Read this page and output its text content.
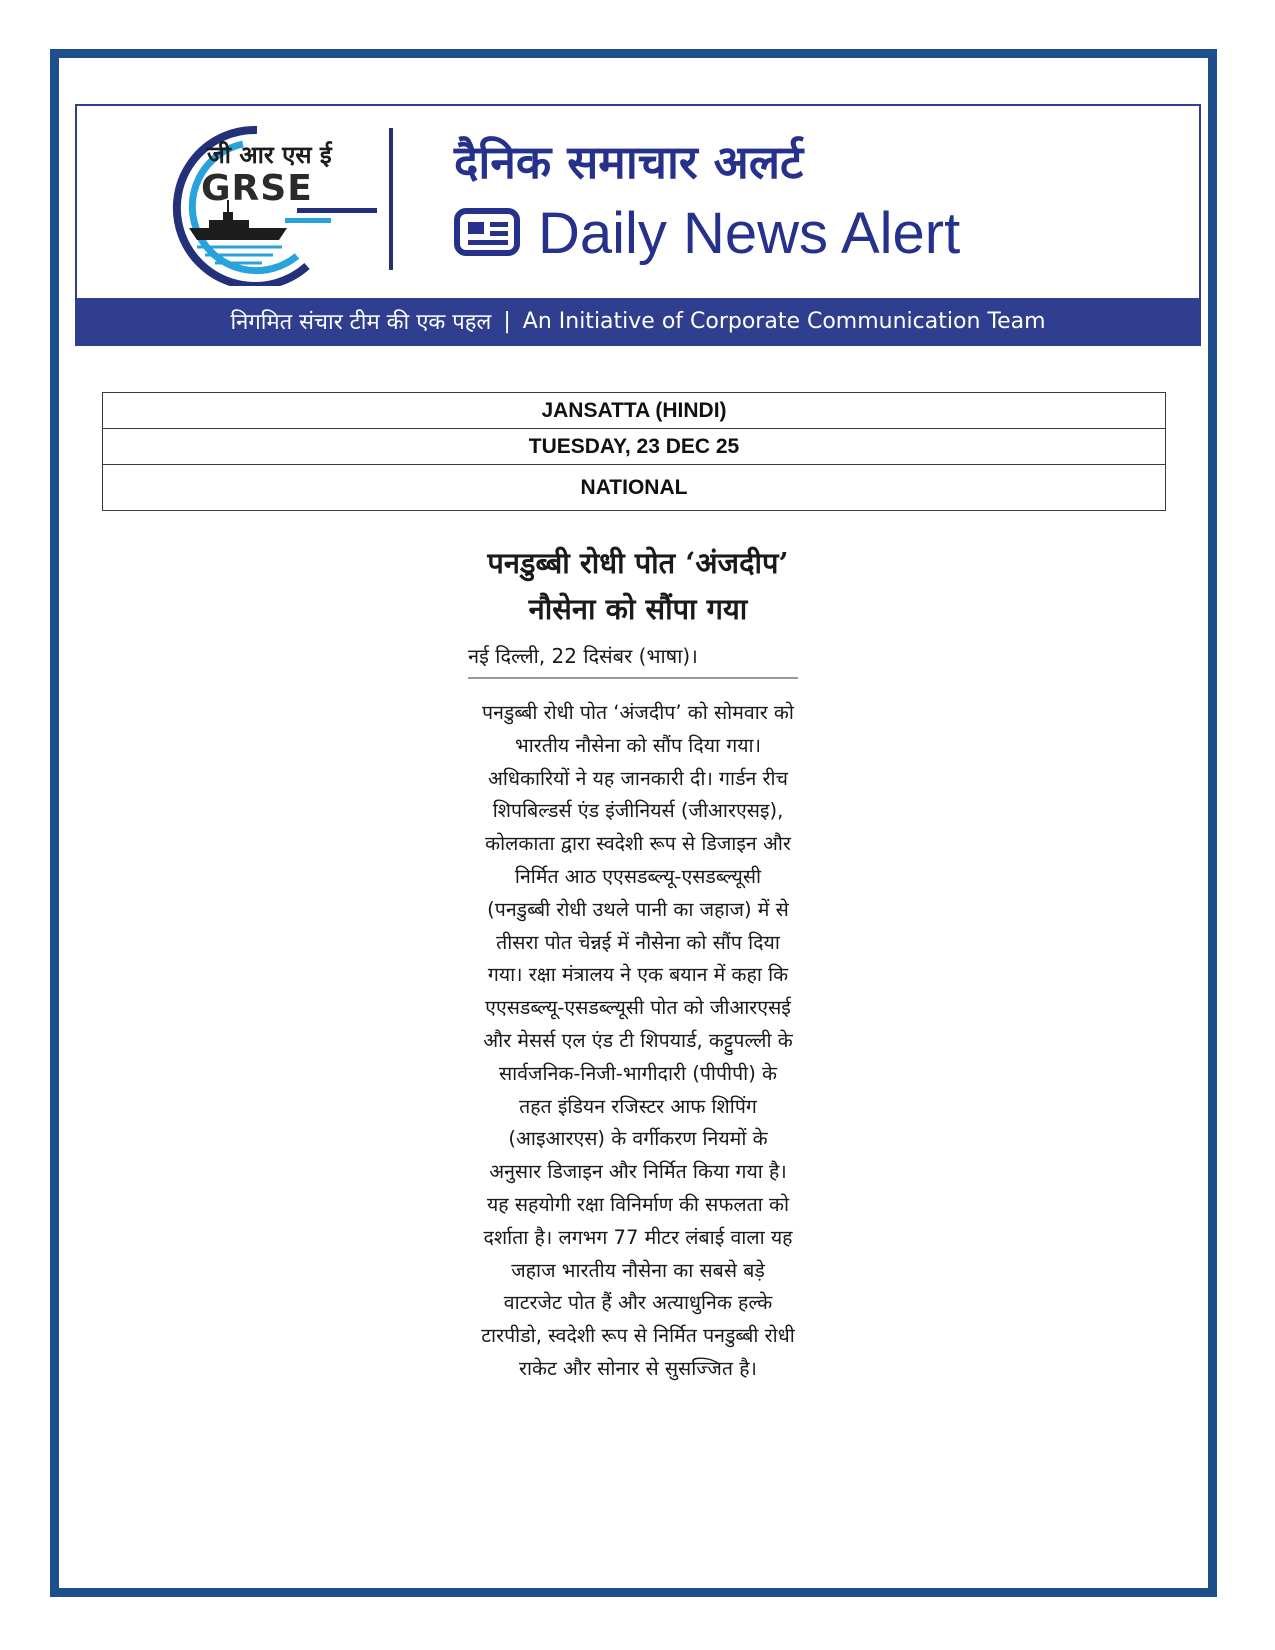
जी आर एस ई
GRSE	दैनिक समाचार अलर्ट
Daily News Alert
निगमित संचार टीम की एक पहल | An Initiative of Corporate Communication Team
JANSATTA (HINDI)
TUESDAY, 23 DEC 25
NATIONAL
पनडुब्बी रोधी पोत ‘अंजदीप’
नौसेना को सौंपा गया
नई दिल्ली, 22 दिसंबर (भाषा)।
पनडुब्बी रोधी पोत ‘अंजदीप’ को सोमवार को
भारतीय नौसेना को सौंप दिया गया।
अधिकारियों ने यह जानकारी दी। गार्डन रीच
शिपबिल्डर्स एंड इंजीनियर्स (जीआरएसइ),
कोलकाता द्वारा स्वदेशी रूप से डिजाइन और
निर्मित आठ एएसडब्ल्यू-एसडब्ल्यूसी
(पनडुब्बी रोधी उथले पानी का जहाज) में से
तीसरा पोत चेन्नई में नौसेना को सौंप दिया
गया। रक्षा मंत्रालय ने एक बयान में कहा कि
एएसडब्ल्यू-एसडब्ल्यूसी पोत को जीआरएसई
और मेसर्स एल एंड टी शिपयार्ड, कट्टुपल्ली के
सार्वजनिक-निजी-भागीदारी (पीपीपी) के
तहत इंडियन रजिस्टर आफ शिपिंग
(आइआरएस) के वर्गीकरण नियमों के
अनुसार डिजाइन और निर्मित किया गया है।
यह सहयोगी रक्षा विनिर्माण की सफलता को
दर्शाता है। लगभग 77 मीटर लंबाई वाला यह
जहाज भारतीय नौसेना का सबसे बड़े
वाटरजेट पोत हैं और अत्याधुनिक हल्के
टारपीडो, स्वदेशी रूप से निर्मित पनडुब्बी रोधी
राकेट और सोनार से सुसज्जित है।
